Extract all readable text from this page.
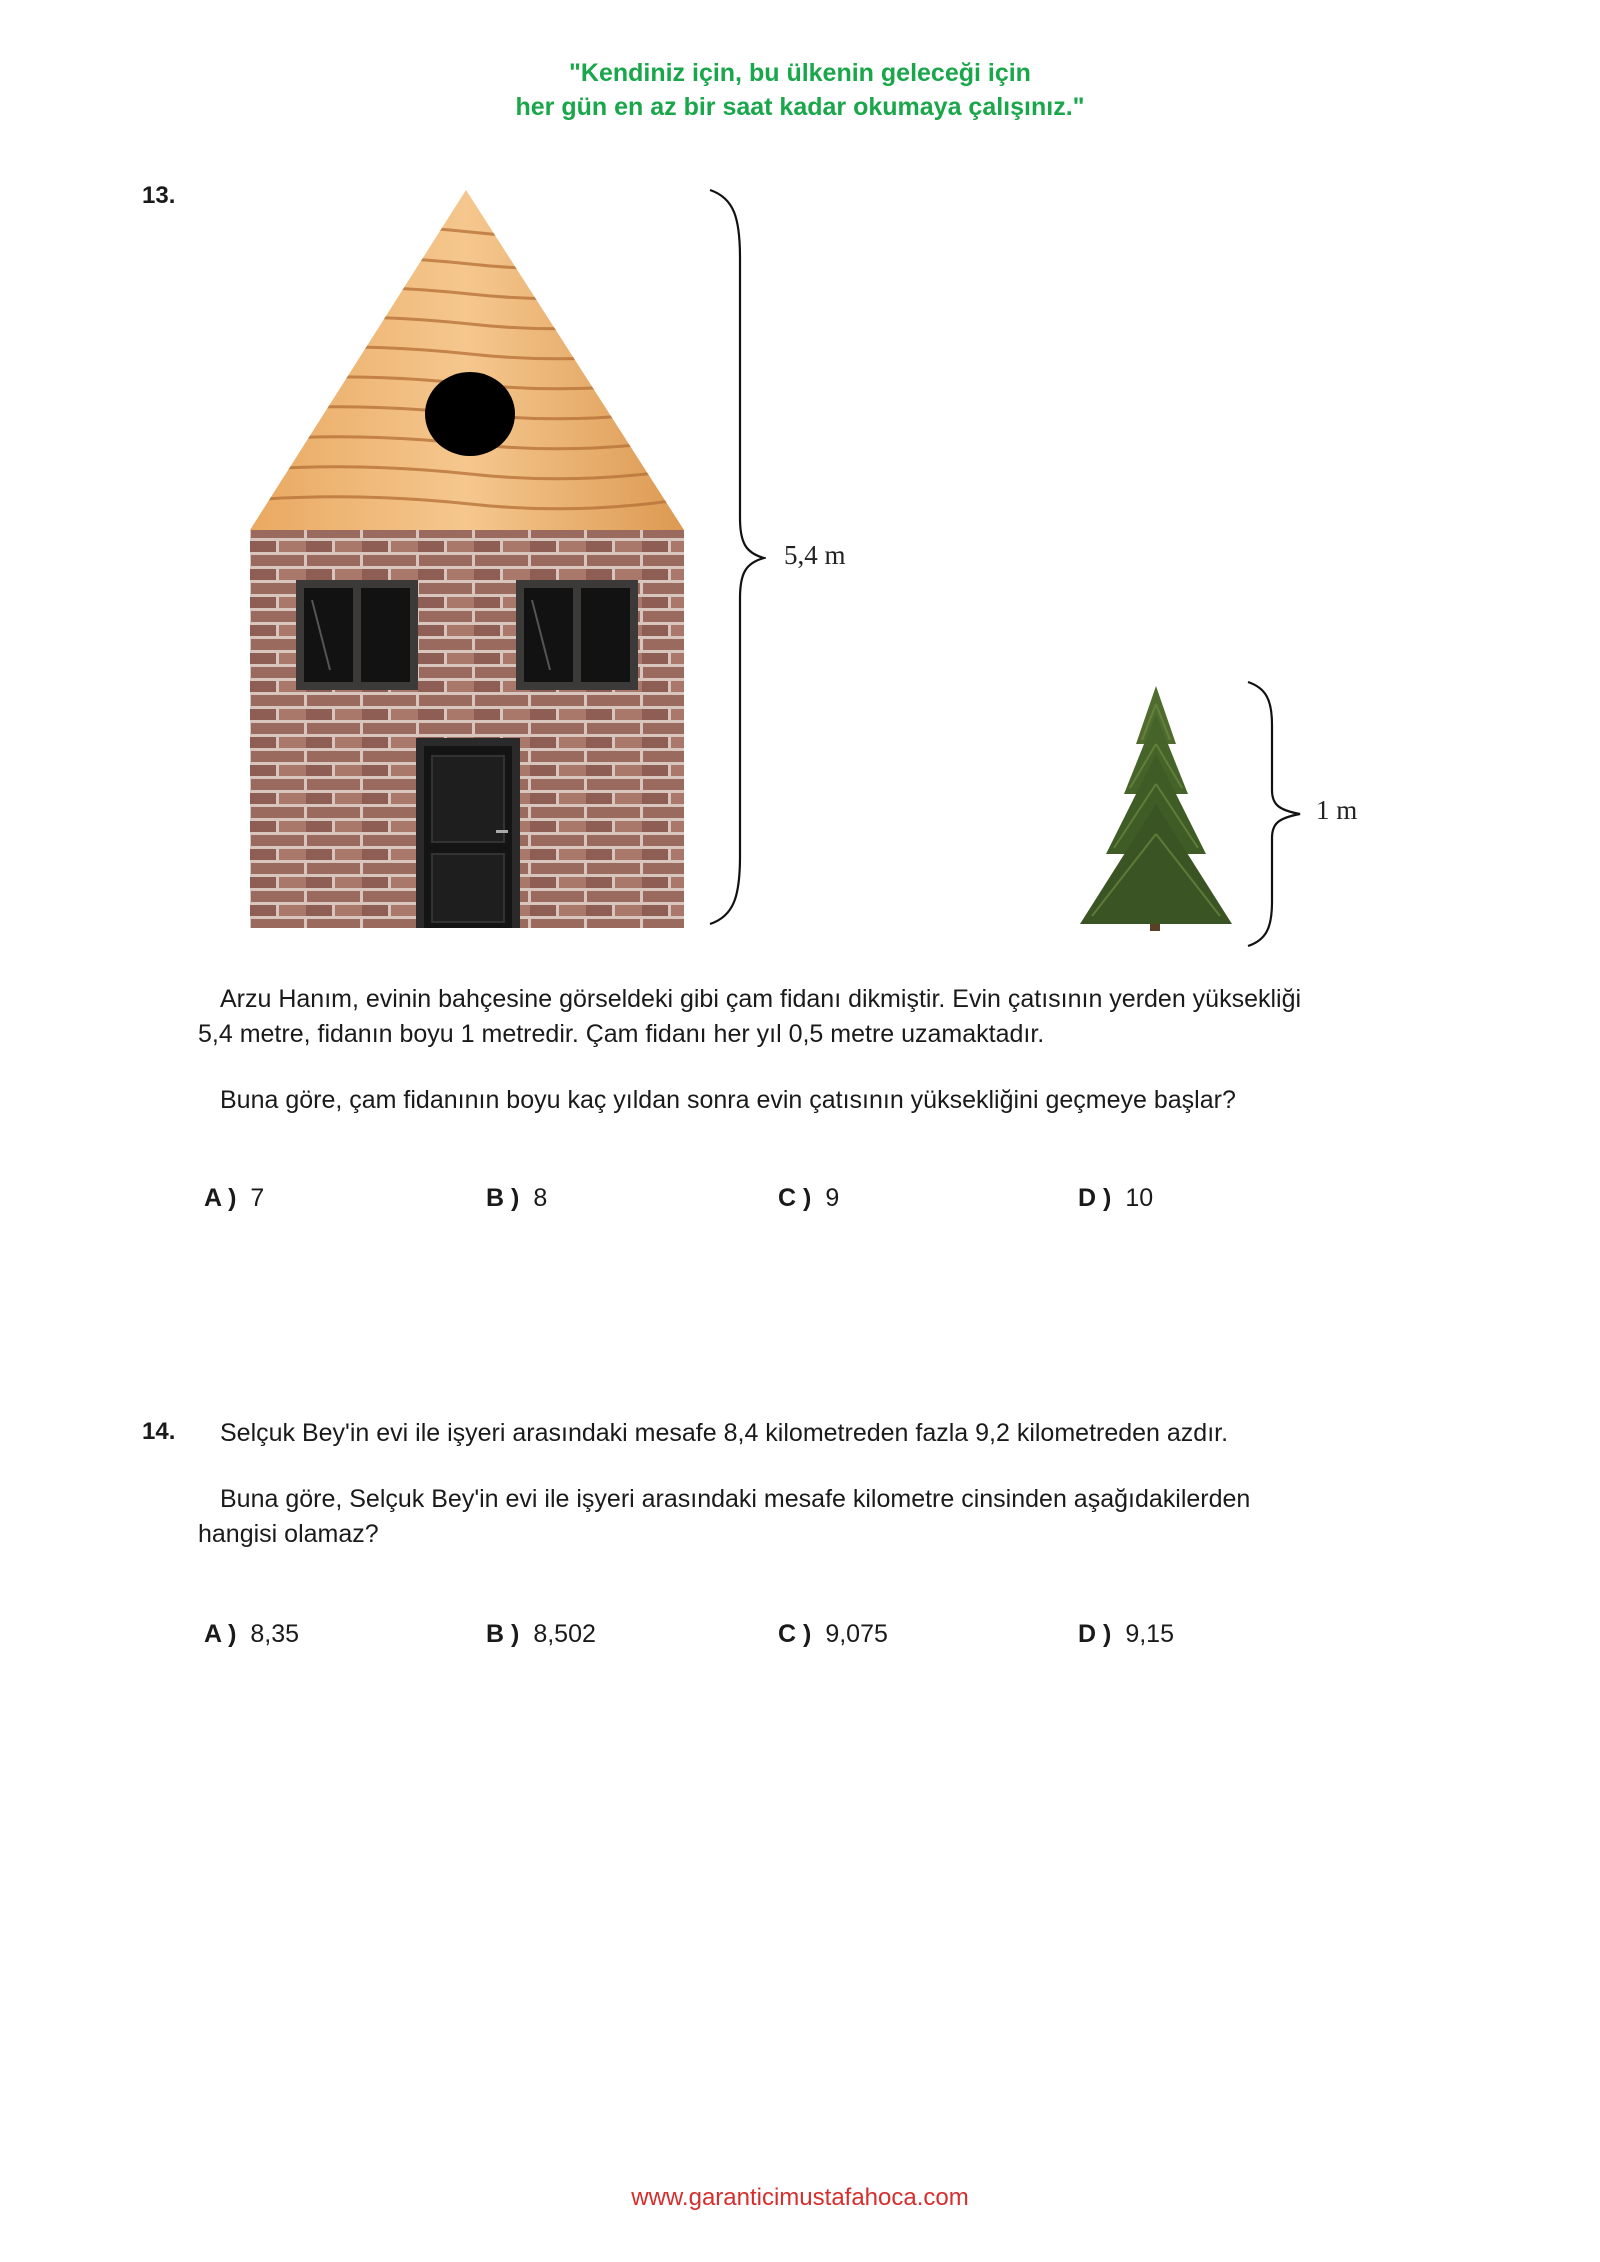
"Kendiniz için, bu ülkenin geleceği için
her gün en az bir saat kadar okumaya çalışınız."
13.
5,4 m
1 m
Arzu Hanım, evinin bahçesine görseldeki gibi çam fidanı dikmiştir. Evin çatısının yerden yüksekliği
5,4 metre, fidanın boyu 1 metredir. Çam fidanı her yıl 0,5 metre uzamaktadır.
Buna göre, çam fidanının boyu kaç yıldan sonra evin çatısının yüksekliğini geçmeye başlar?
A ) 7	B ) 8	C ) 9	D ) 10
14. Selçuk Bey'in evi ile işyeri arasındaki mesafe 8,4 kilometreden fazla 9,2 kilometreden azdır.
Buna göre, Selçuk Bey'in evi ile işyeri arasındaki mesafe kilometre cinsinden aşağıdakilerden
hangisi olamaz?
A ) 8,35	B ) 8,502	C ) 9,075	D ) 9,15
www.garanticimustafahoca.com
